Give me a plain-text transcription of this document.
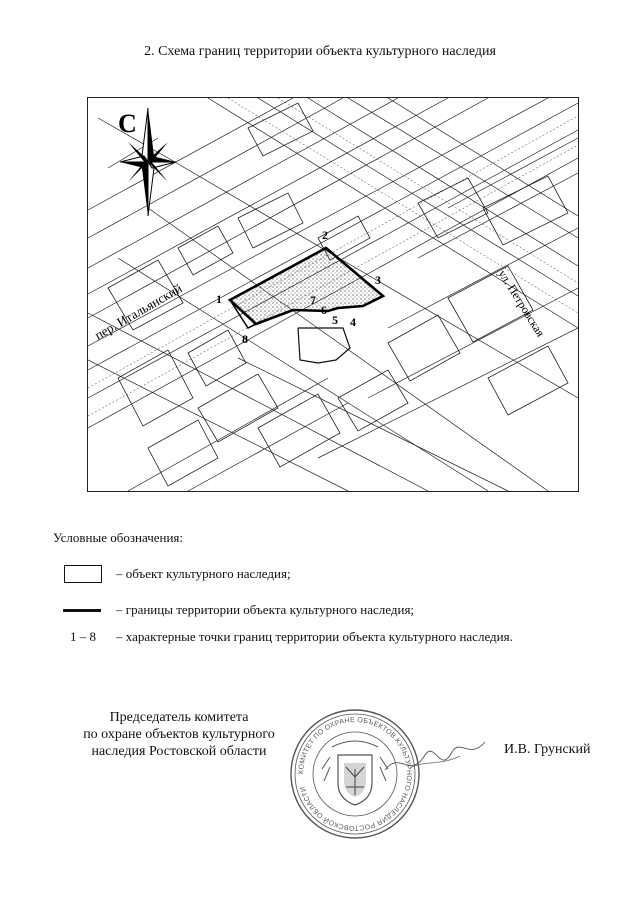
2. Схема границ территории объекта культурного наследия
1
2
3
4
5
6
7
8
пер. Итальянский	ул. Петровская
С
Условные обозначения:
– объект культурного наследия;
– границы территории объекта культурного наследия;
1 – 8	– характерные точки границ территории объекта культурного наследия.
Председатель комитета
по охране объектов культурного
наследия Ростовской области
КОМИТЕТ ПО ОХРАНЕ ОБЪЕКТОВ КУЛЬТУРНОГО НАСЛЕДИЯ РОСТОВСКОЙ ОБЛАСТИ
И.В. Грунский
